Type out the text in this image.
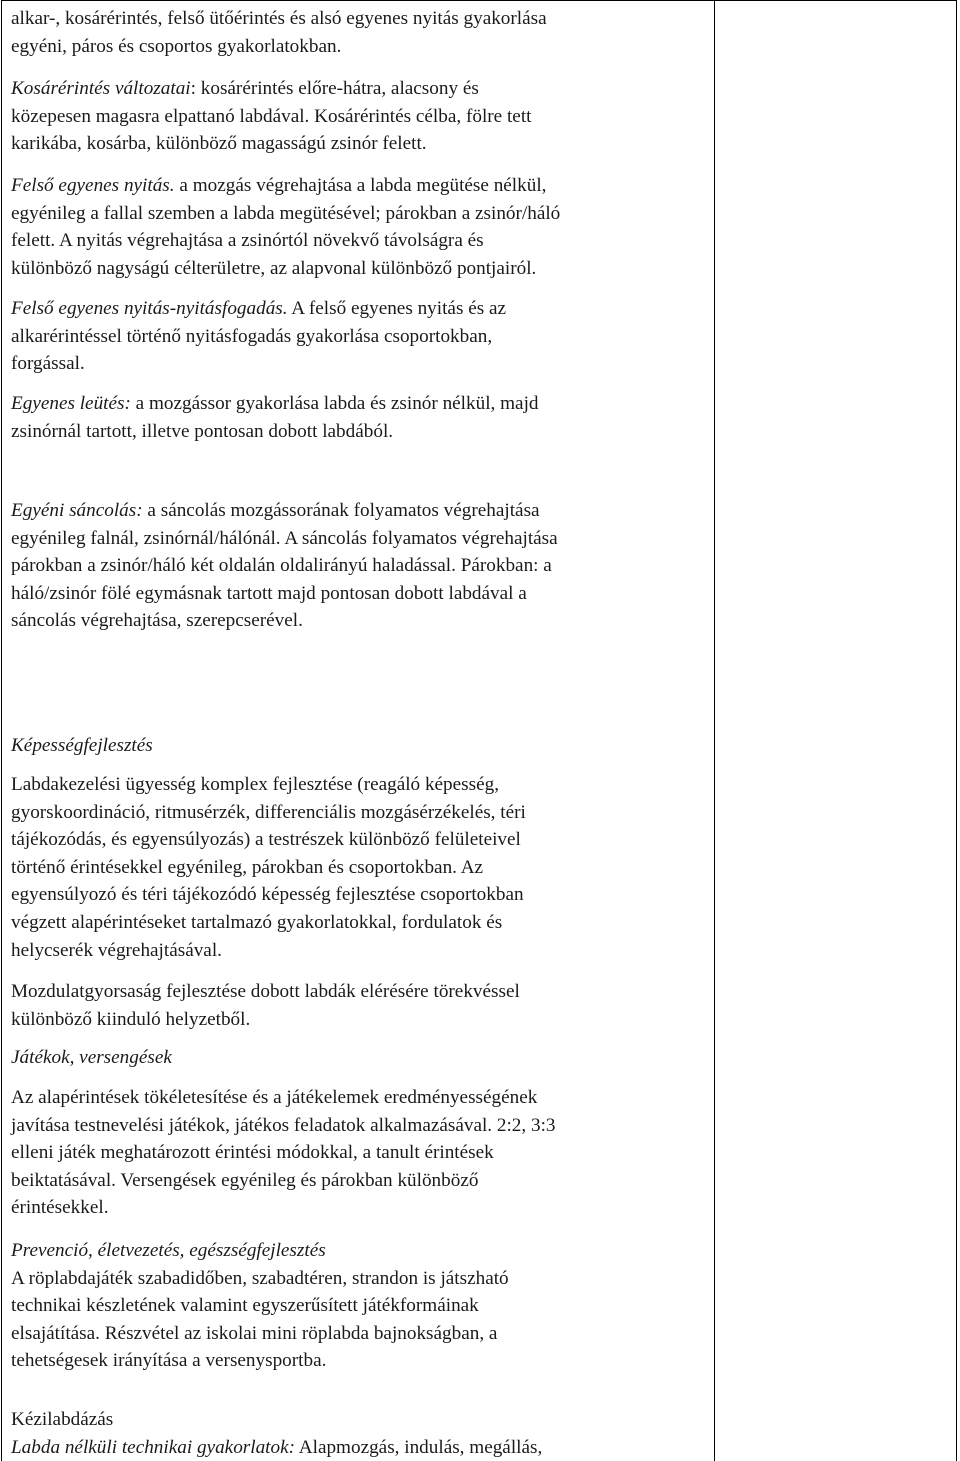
alkar-, kosárérintés, felső ütőérintés és alsó egyenes nyitás gyakorlása
egyéni, páros és csoportos gyakorlatokban.

Kosárérintés változatai: kosárérintés előre-hátra, alacsony és
közepesen magasra elpattanó labdával. Kosárérintés célba, fölre tett
karikába, kosárba, különböző magasságú zsinór felett.

Felső egyenes nyitás. a mozgás végrehajtása a labda megütése nélkül,
egyénileg a fallal szemben a labda megütésével; párokban a zsinór/háló
felett. A nyitás végrehajtása a zsinórtól növekvő távolságra és
különböző nagyságú célterületre, az alapvonal különböző pontjairól.

Felső egyenes nyitás-nyitásfogadás. A felső egyenes nyitás és az
alkarérintéssel történő nyitásfogadás gyakorlása csoportokban,
forgással.

Egyenes leütés: a mozgássor gyakorlása labda és zsinór nélkül, majd
zsinórnál tartott, illetve pontosan dobott labdából.

Egyéni sáncolás: a sáncolás mozgássorának folyamatos végrehajtása
egyénileg falnál, zsinórnál/hálónál. A sáncolás folyamatos végrehajtása
párokban a zsinór/háló két oldalán oldalirányú haladással. Párokban: a
háló/zsinór fölé egymásnak tartott majd pontosan dobott labdával a
sáncolás végrehajtása, szerepcserével.

Képességfejlesztés

Labdakezelési ügyesség komplex fejlesztése (reagáló képesség,
gyorskoordináció, ritmusérzék, differenciális mozgásérzékelés, téri
tájékozódás, és egyensúlyozás) a testrészek különböző felületeivel
történő érintésekkel egyénileg, párokban és csoportokban. Az
egyensúlyozó és téri tájékozódó képesség fejlesztése csoportokban
végzett alapérintéseket tartalmazó gyakorlatokkal, fordulatok és
helycserék végrehajtásával.

Mozdulatgyorsaság fejlesztése dobott labdák elérésére törekvéssel
különböző kiinduló helyzetből.

Játékok, versengések

Az alapérintések tökéletesítése és a játékelemek eredményességének
javítása testnevelési játékok, játékos feladatok alkalmazásával. 2:2, 3:3
elleni játék meghatározott érintési módokkal, a tanult érintések
beiktatásával. Versengések egyénileg és párokban különböző
érintésekkel.

Prevenció, életvezetés, egészségfejlesztés
A röplabdajáték szabadidőben, szabadtéren, strandon is játszható
technikai készletének valamint egyszerűsített játékformáinak
elsajátítása. Részvétel az iskolai mini röplabda bajnokságban, a
tehetségesek irányítása a versenysportba.

Kézilabdázás
Labda nélküli technikai gyakorlatok: Alapmozgás, indulás, megállás,
